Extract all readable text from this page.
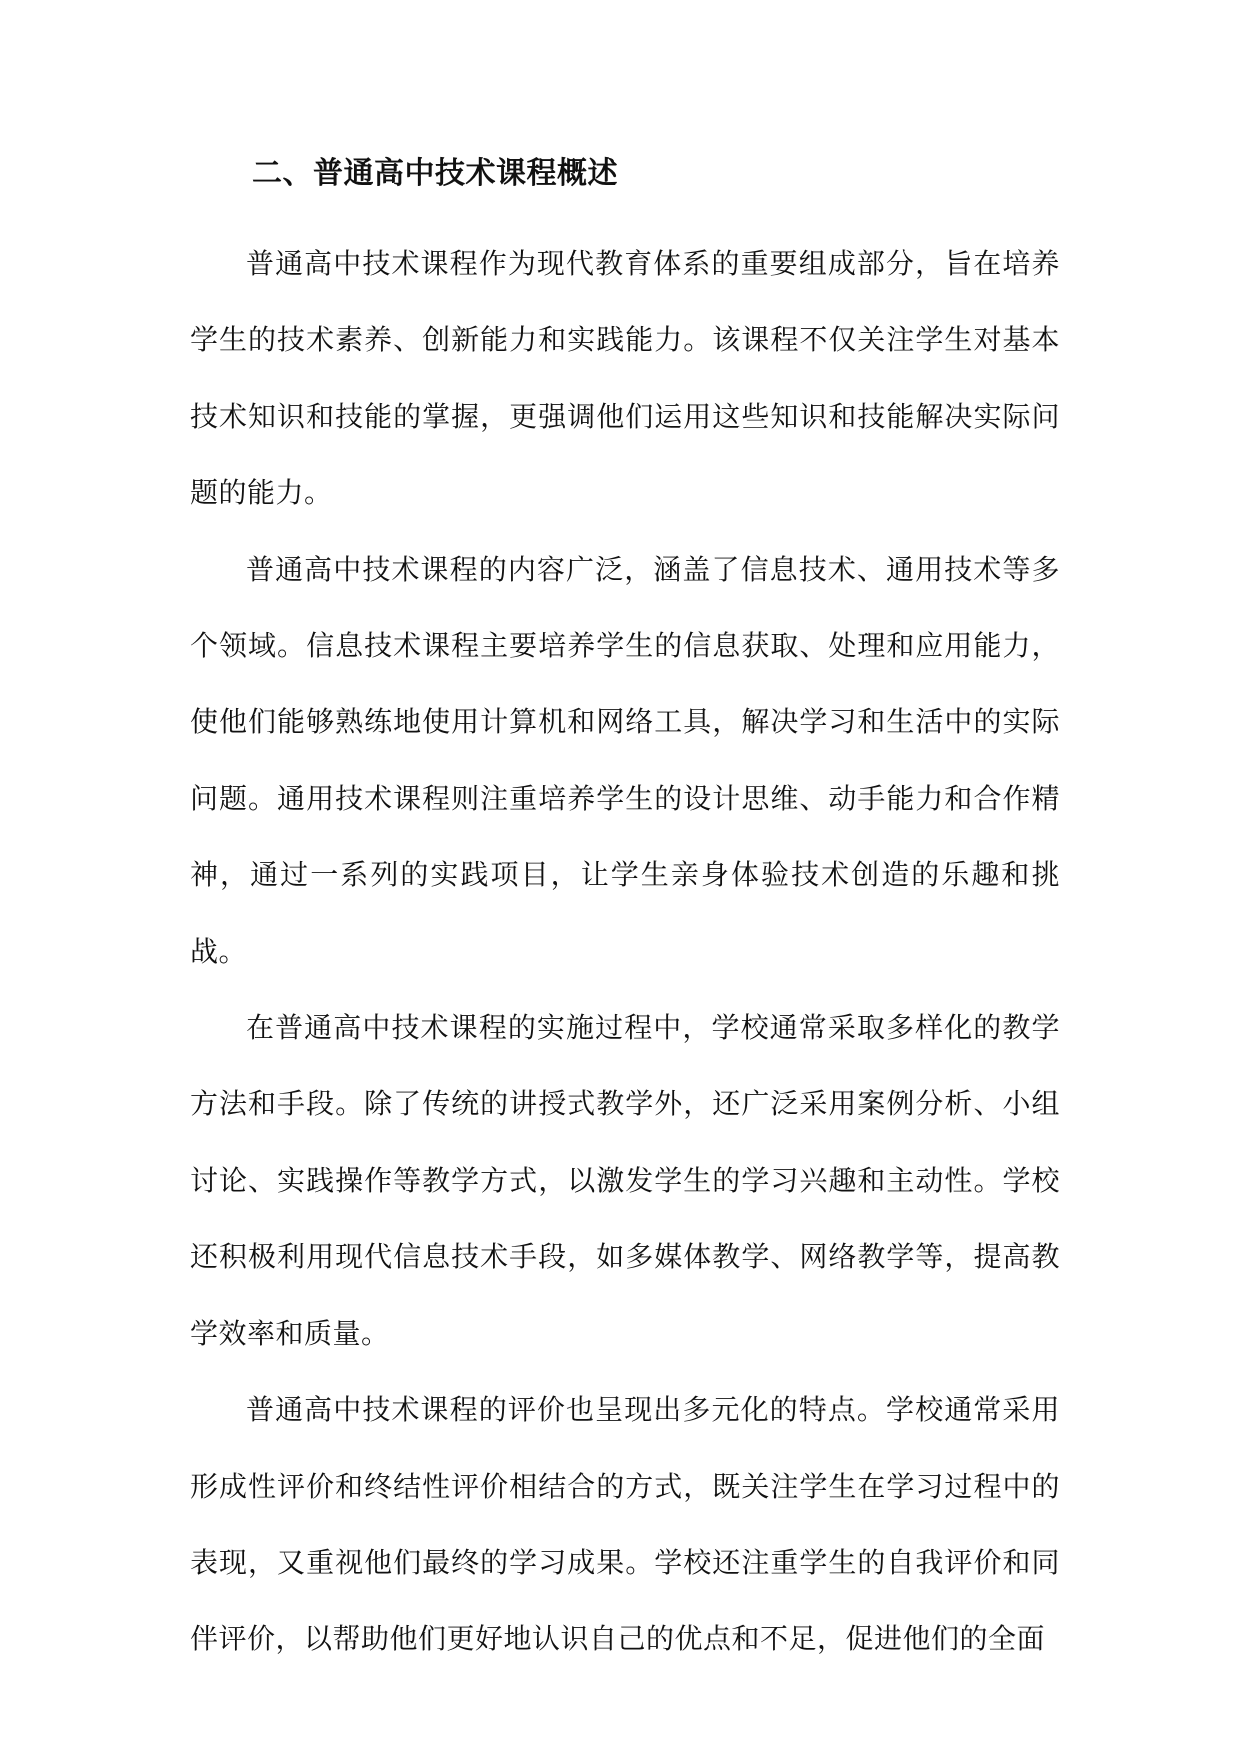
二、普通高中技术课程概述

普通高中技术课程作为现代教育体系的重要组成部分，旨在培养学生的技术素养、创新能力和实践能力。该课程不仅关注学生对基本技术知识和技能的掌握，更强调他们运用这些知识和技能解决实际问题的能力。

普通高中技术课程的内容广泛，涵盖了信息技术、通用技术等多个领域。信息技术课程主要培养学生的信息获取、处理和应用能力，使他们能够熟练地使用计算机和网络工具，解决学习和生活中的实际问题。通用技术课程则注重培养学生的设计思维、动手能力和合作精神，通过一系列的实践项目，让学生亲身体验技术创造的乐趣和挑战。

在普通高中技术课程的实施过程中，学校通常采取多样化的教学方法和手段。除了传统的讲授式教学外，还广泛采用案例分析、小组讨论、实践操作等教学方式，以激发学生的学习兴趣和主动性。学校还积极利用现代信息技术手段，如多媒体教学、网络教学等，提高教学效率和质量。

普通高中技术课程的评价也呈现出多元化的特点。学校通常采用形成性评价和终结性评价相结合的方式，既关注学生在学习过程中的表现，又重视他们最终的学习成果。学校还注重学生的自我评价和同伴评价，以帮助他们更好地认识自己的优点和不足，促进他们的全面
